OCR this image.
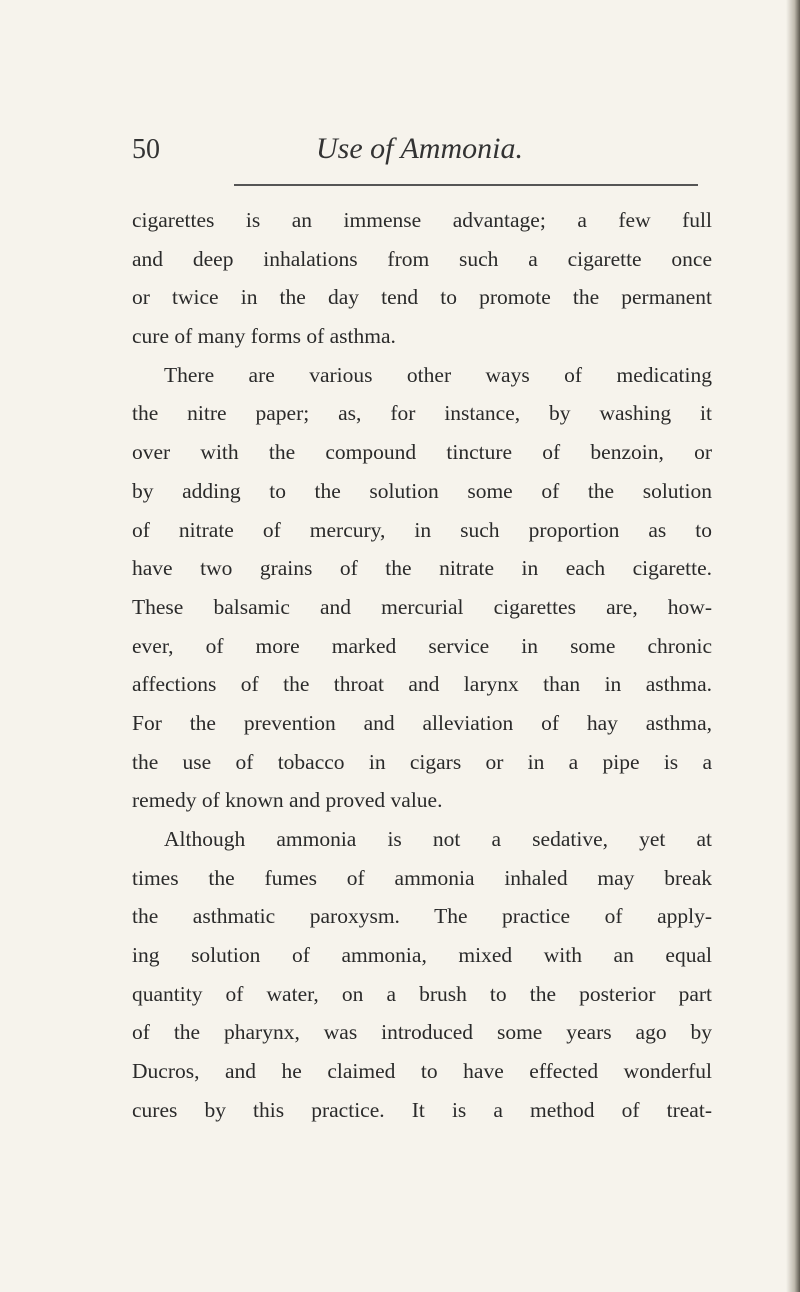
50	Use of Ammonia.
cigarettes is an immense advantage; a few full
and deep inhalations from such a cigarette once
or twice in the day tend to promote the permanent
cure of many forms of asthma.
There are various other ways of medicating
the nitre paper; as, for instance, by washing it
over with the compound tincture of benzoin, or
by adding to the solution some of the solution
of nitrate of mercury, in such proportion as to
have two grains of the nitrate in each cigarette.
These balsamic and mercurial cigarettes are, how-
ever, of more marked service in some chronic
affections of the throat and larynx than in asthma.
For the prevention and alleviation of hay asthma,
the use of tobacco in cigars or in a pipe is a
remedy of known and proved value.
Although ammonia is not a sedative, yet at
times the fumes of ammonia inhaled may break
the asthmatic paroxysm. The practice of apply-
ing solution of ammonia, mixed with an equal
quantity of water, on a brush to the posterior part
of the pharynx, was introduced some years ago by
Ducros, and he claimed to have effected wonderful
cures by this practice. It is a method of treat-
